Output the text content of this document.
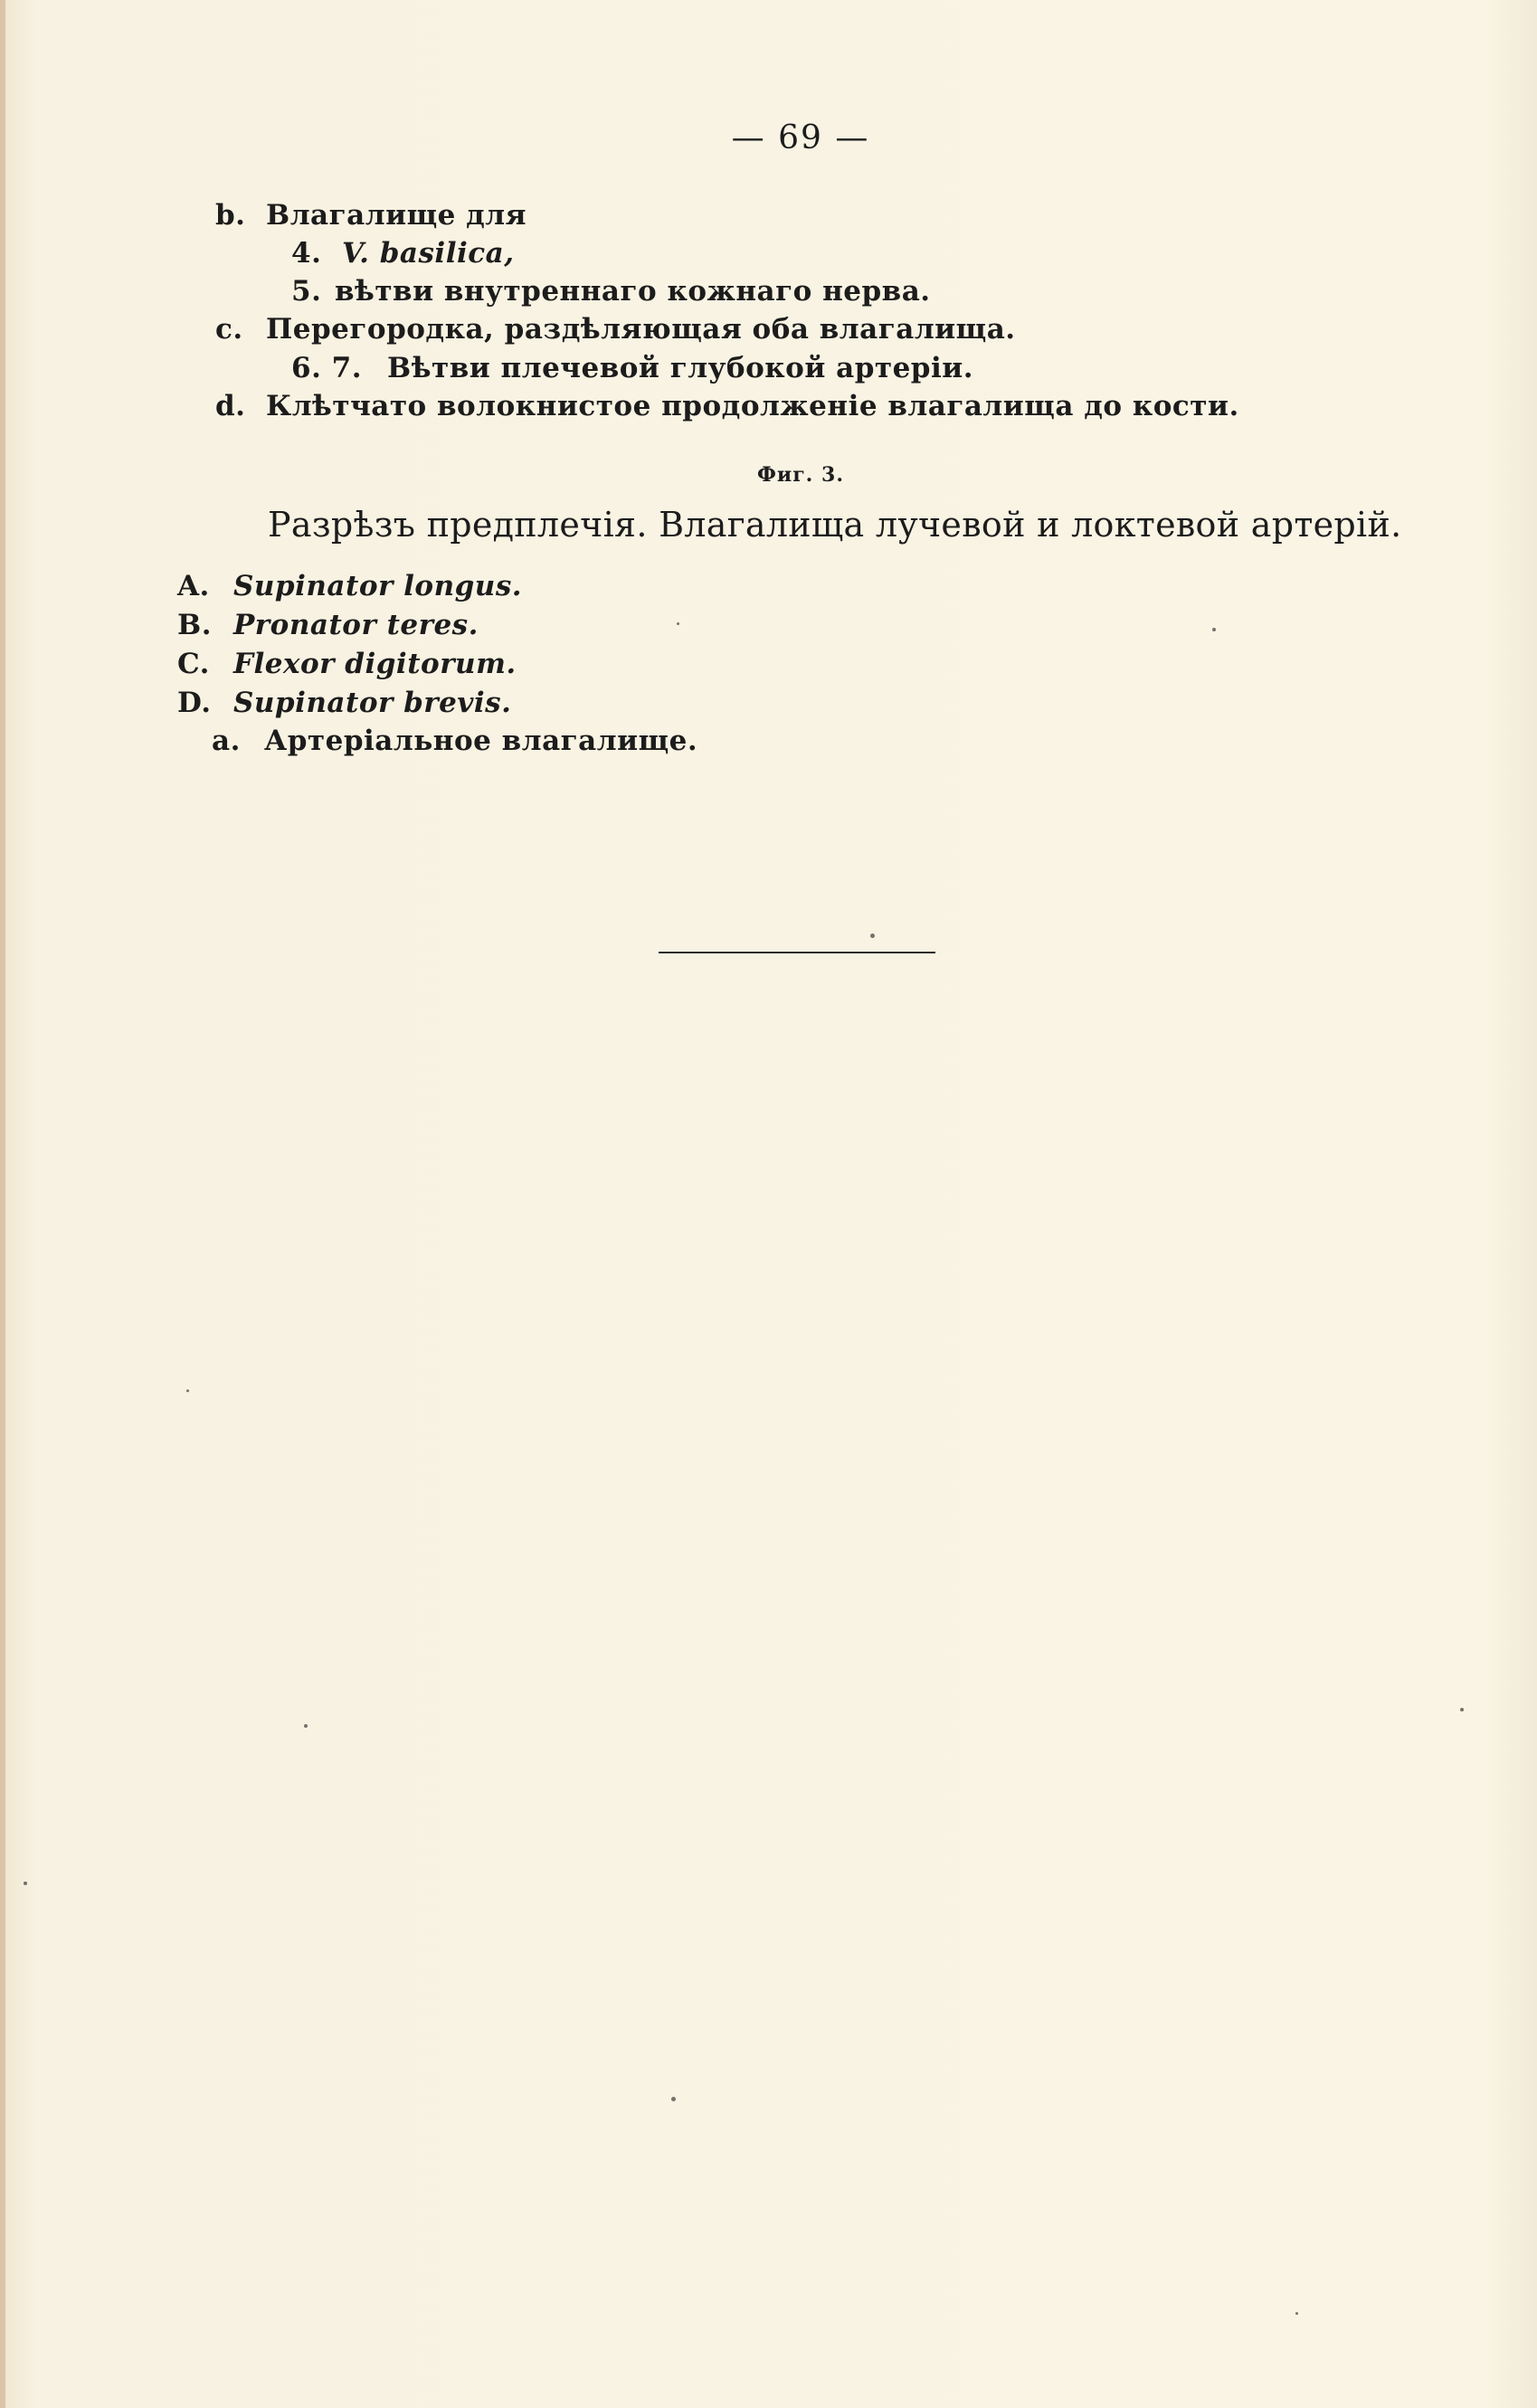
— 69 —
b. Влагалище для
4. V. basilica,
5. вѣтви внутреннаго кожнаго нерва.
c. Перегородка, раздѣляющая оба влагалища.
6. 7. Вѣтви плечевой глубокой артеріи.
d. Клѣтчато волокнистое продолженіе влагалища до кости.
Фиг. 3.
Разрѣзъ предплечія. Влагалища лучевой и локтевой артерій.
A. Supinator longus.
B. Pronator teres.
C. Flexor digitorum.
D. Supinator brevis.
a. Артеріальное влагалище.
